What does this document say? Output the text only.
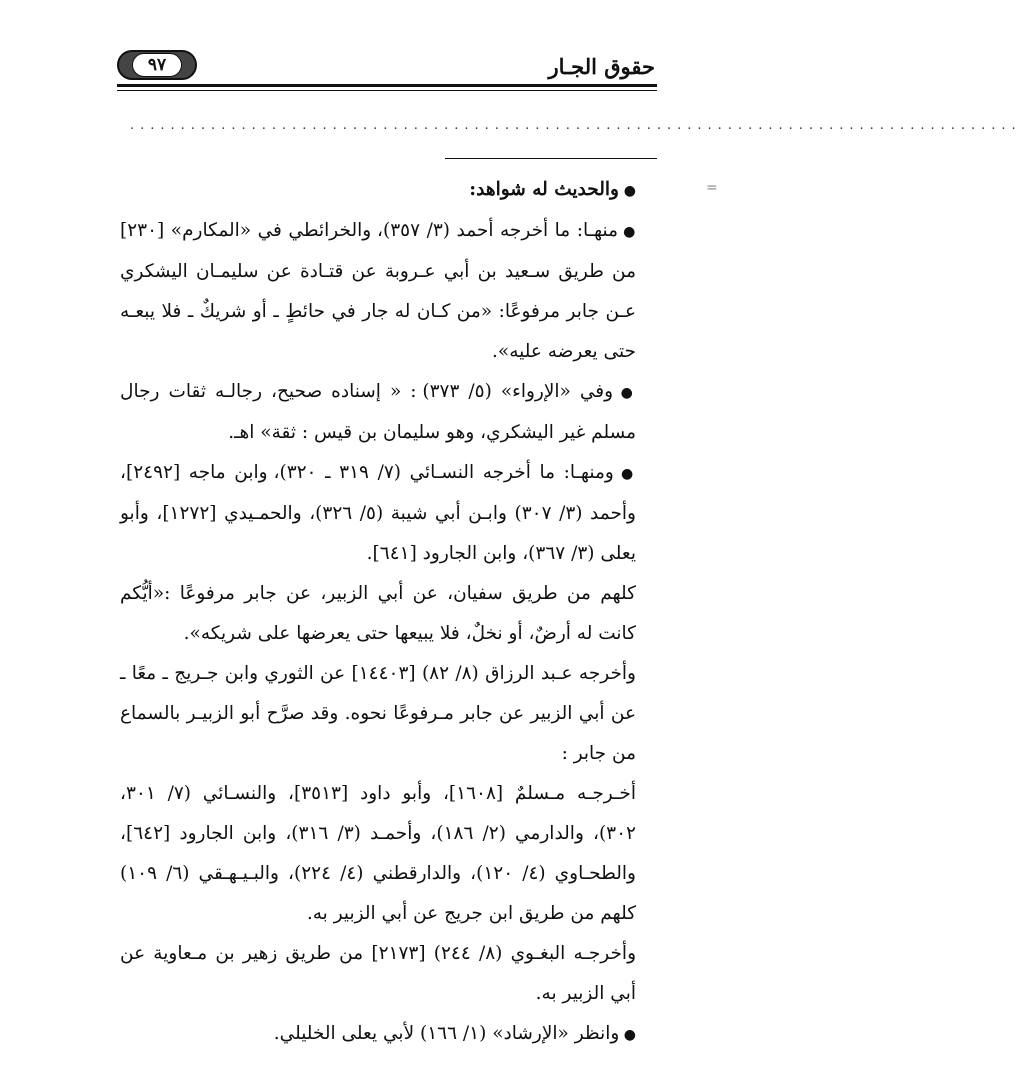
حقوق الجـار
٩٧
........................................................................................
=

● والحديث له شواهد:

● منهـا: ما أخرجه أحمد (٣/ ٣٥٧)، والخرائطي في «المكارم» [٢٣٠] من طريق سـعيد بن أبي عـروبة عن قتـادة عن سليمـان اليشكري عـن جابر مرفوعًا: «من كـان له جار في حائطٍ ـ أو شريكٌ ـ فلا يبعـه حتى يعرضه عليه».

● وفي «الإرواء» (٥/ ٣٧٣) : « إسناده صحيح، رجالـه ثقات رجال مسلم غير اليشكري، وهو سليمان بن قيس : ثقة» اهـ.

● ومنهـا: ما أخرجه النسـائي (٧/ ٣١٩ ـ ٣٢٠)، وابن ماجه [٢٤٩٢]، وأحمد (٣/ ٣٠٧) وابـن أبي شيبة (٥/ ٣٢٦)، والحمـيدي [١٢٧٢]، وأبو يعلى (٣/ ٣٦٧)، وابن الجارود [٦٤١].

كلهم من طريق سفيان، عن أبي الزبير، عن جابر مرفوعًا :«أيُّكم كانت له أرضٌ، أو نخلٌ، فلا يبيعها حتى يعرضها على شريكه».

وأخرجه عـبد الرزاق (٨/ ٨٢) [١٤٤٠٣] عن الثوري وابن جـريج ـ معًا ـ عن أبي الزبير عن جابر مـرفوعًا نحوه. وقد صرَّح أبو الزبيـر بالسماع من جابر :

أخـرجـه مـسلمٌ [١٦٠٨]، وأبو داود [٣٥١٣]، والنسـائي (٧/ ٣٠١، ٣٠٢)، والدارمي (٢/ ١٨٦)، وأحمـد (٣/ ٣١٦)، وابن الجارود [٦٤٢]، والطحـاوي (٤/ ١٢٠)، والدارقطني (٤/ ٢٢٤)، والبـيـهـقي (٦/ ١٠٩) كلهم من طريق ابن جريج عن أبي الزبير به.

وأخرجـه البغـوي (٨/ ٢٤٤) [٢١٧٣] من طريق زهير بن مـعاوية عن أبي الزبير به.

● وانظر «الإرشاد» (١/ ١٦٦) لأبي يعلى الخليلي.
